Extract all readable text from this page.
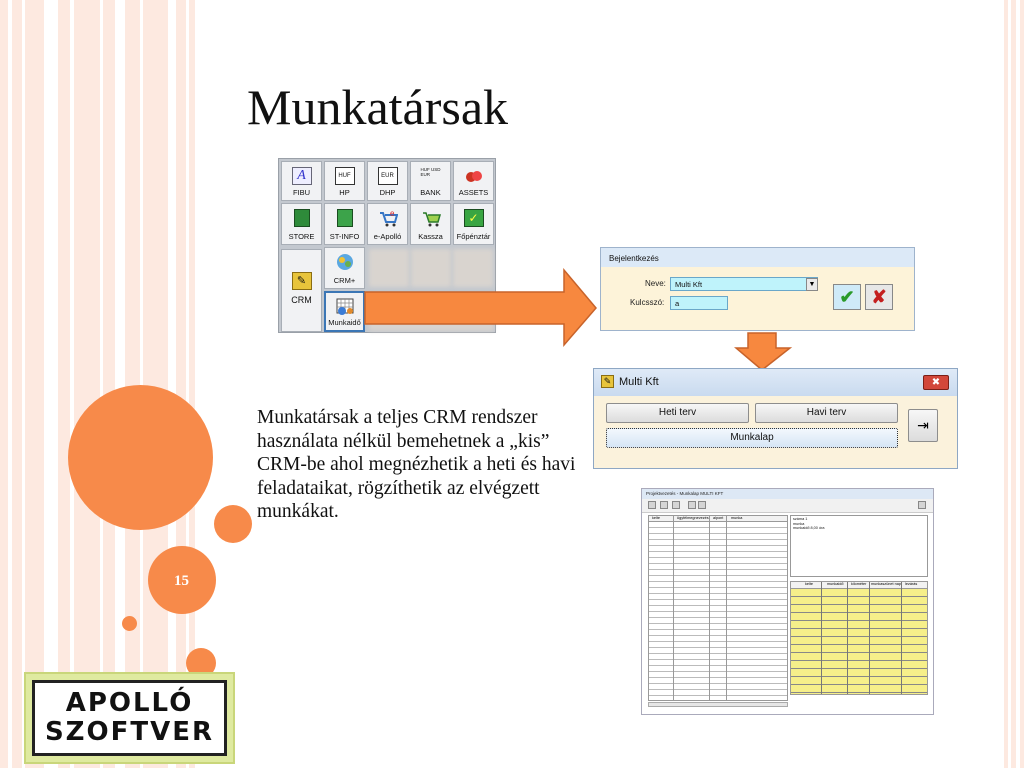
15
Munkatársak
Munkatársak a teljes CRM rendszer használata nélkül bemehetnek a „kis” CRM-be ahol megnézhetik a heti és havi feladataikat, rögzíthetik az elvégzett munkákat.
APOLLÓ
SZOFTVER
A
FIBU
HUF
HP
EUR
DHP
HUF USD EUR
BANK	ASSETS
STORE	ST-INFO
e
e-Apolló	Kassza
✓
Főpénztár
✎
CRM
CRM+
Munkaidő
Bejelentkezés
Neve:	Multi Kft	▼
Kulcsszó:	a	✔ ✘
✎ Multi Kft	✖
Heti terv	Havi terv
Munkalap
⇥
Projektvezetés - Munkalap MULTI KFT
kelte	ügyfélmegnevezés alpont munka	száma 1
munka
munkaidő 8,00 óra
kelte	munkaidő kilométer munkaszünet nap lezárás
